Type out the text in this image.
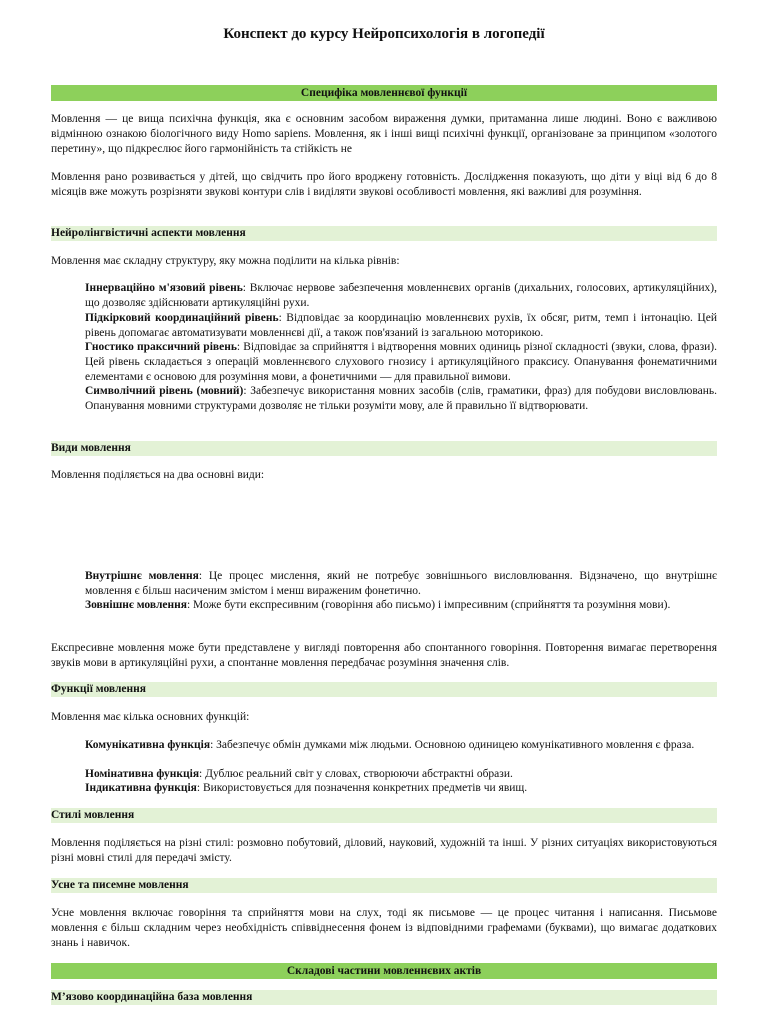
Конспект до курсу Нейропсихологія в логопедії
Специфіка мовленнєвої функції

Мовлення — це вища психічна функція, яка є основним засобом вираження думки, притаманна лише людині. Воно є важливою відмінною ознакою біологічного виду Homo sapiens. Мовлення, як і інші вищі психічні функції, організоване за принципом «золотого перетину», що підкреслює його гармонійність та стійкість не

Мовлення рано розвивається у дітей, що свідчить про його вроджену готовність. Дослідження показують, що діти у віці від 6 до 8 місяців вже можуть розрізняти звукові контури слів і виділяти звукові особливості мовлення, які важливі для розуміння.

Нейролінгвістичні аспекти мовлення

Мовлення має складну структуру, яку можна поділити на кілька рівнів:

Іннерваційно м'язовий рівень: Включає нервове забезпечення мовленнєвих органів (дихальних, голосових, артикуляційних), що дозволяє здійснювати артикуляційні рухи.

Підкірковий координаційний рівень: Відповідає за координацію мовленнєвих рухів, їх обсяг, ритм, темп і інтонацію. Цей рівень допомагає автоматизувати мовленнєві дії, а також пов'язаний із загальною моторикою.

Гностико праксичний рівень: Відповідає за сприйняття і відтворення мовних одиниць різної складності (звуки, слова, фрази). Цей рівень складається з операцій мовленнєвого слухового гнозису і артикуляційного праксису. Опанування фонематичними елементами є основою для розуміння мови, а фонетичними — для правильної вимови.

Символічний рівень (мовний): Забезпечує використання мовних засобів (слів, граматики, фраз) для побудови висловлювань. Опанування мовними структурами дозволяє не тільки розуміти мову, але й правильно її відтворювати.

Види мовлення

Мовлення поділяється на два основні види:

Внутрішнє мовлення: Це процес мислення, який не потребує зовнішнього висловлювання. Відзначено, що внутрішнє мовлення є більш насиченим змістом і менш вираженим фонетично.

Зовнішнє мовлення: Може бути експресивним (говоріння або письмо) і імпресивним (сприйняття та розуміння мови).

Експресивне мовлення може бути представлене у вигляді повторення або спонтанного говоріння. Повторення вимагає перетворення звуків мови в артикуляційні рухи, а спонтанне мовлення передбачає розуміння значення слів.

Функції мовлення

Мовлення має кілька основних функцій:

Комунікативна функція: Забезпечує обмін думками між людьми. Основною одиницею комунікативного мовлення є фраза.

Номінативна функція: Дублює реальний світ у словах, створюючи абстрактні образи.

Індикативна функція: Використовується для позначення конкретних предметів чи явищ.

Стилі мовлення

Мовлення поділяється на різні стилі: розмовно побутовий, діловий, науковий, художній та інші. У різних ситуаціях використовуються різні мовні стилі для передачі змісту.

Усне та писемне мовлення

Усне мовлення включає говоріння та сприйняття мови на слух, тоді як письмове — це процес читання і написання. Письмове мовлення є більш складним через необхідність співвіднесення фонем із відповідними графемами (буквами), що вимагає додаткових знань і навичок.

Складові частини мовленнєвих актів
М’язово координаційна база мовлення
